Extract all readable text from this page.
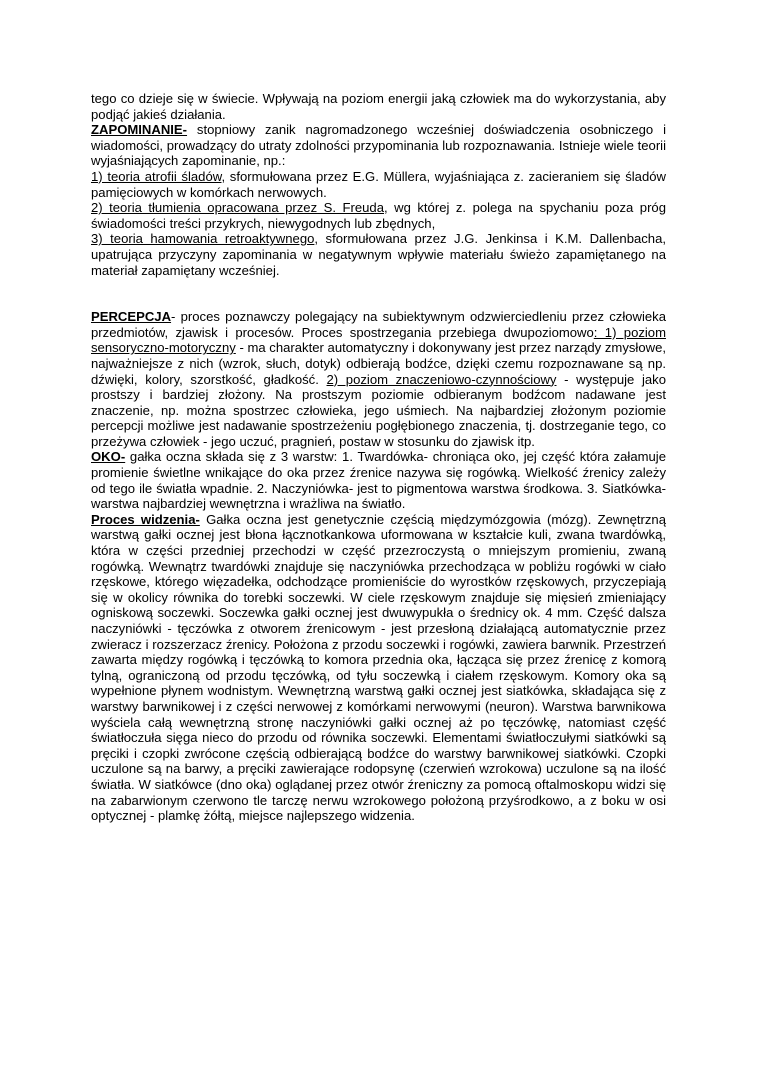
tego co dzieje się w świecie. Wpływają na poziom energii jaką człowiek ma do wykorzystania, aby podjąć jakieś działania.

ZAPOMINANIE- stopniowy zanik nagromadzonego wcześniej doświadczenia osobniczego i wiadomości, prowadzący do utraty zdolności przypominania lub rozpoznawania. Istnieje wiele teorii wyjaśniających zapominanie, np.:

1) teoria atrofii śladów, sformułowana przez E.G. Müllera, wyjaśniająca z. zacieraniem się śladów pamięciowych w komórkach nerwowych.

2) teoria tłumienia opracowana przez S. Freuda, wg której z. polega na spychaniu poza próg świadomości treści przykrych, niewygodnych lub zbędnych,

3) teoria hamowania retroaktywnego, sformułowana przez J.G. Jenkinsa i K.M. Dallenbacha, upatrująca przyczyny zapominania w negatywnym wpływie materiału świeżo zapamiętanego na materiał zapamiętany wcześniej.

PERCEPCJA- proces poznawczy polegający na subiektywnym odzwierciedleniu przez człowieka przedmiotów, zjawisk i procesów. Proces spostrzegania przebiega dwupoziomowo: 1) poziom sensoryczno-motoryczny - ma charakter automatyczny i dokonywany jest przez narządy zmysłowe, najważniejsze z nich (wzrok, słuch, dotyk) odbierają bodźce, dzięki czemu rozpoznawane są np. dźwięki, kolory, szorstkość, gładkość. 2) poziom znaczeniowo-czynnościowy - występuje jako prostszy i bardziej złożony. Na prostszym poziomie odbieranym bodźcom nadawane jest znaczenie, np. można spostrzec człowieka, jego uśmiech. Na najbardziej złożonym poziomie percepcji możliwe jest nadawanie spostrzeżeniu pogłębionego znaczenia, tj. dostrzeganie tego, co przeżywa człowiek - jego uczuć, pragnień, postaw w stosunku do zjawisk itp.

OKO- gałka oczna składa się z 3 warstw: 1. Twardówka- chroniąca oko, jej część która załamuje promienie świetlne wnikające do oka przez źrenice nazywa się rogówką. Wielkość źrenicy zależy od tego ile światła wpadnie. 2. Naczyniówka- jest to pigmentowa warstwa środkowa. 3. Siatkówka- warstwa najbardziej wewnętrzna i wrażliwa na światło.

Proces widzenia- Gałka oczna jest genetycznie częścią międzymózgowia (mózg). Zewnętrzną warstwą gałki ocznej jest błona łącznotkankowa uformowana w kształcie kuli, zwana twardówką, która w części przedniej przechodzi w część przezroczystą o mniejszym promieniu, zwaną rogówką. Wewnątrz twardówki znajduje się naczyniówka przechodząca w pobliżu rogówki w ciało rzęskowe, którego więzadełka, odchodzące promieniście do wyrostków rzęskowych, przyczepiają się w okolicy równika do torebki soczewki. W ciele rzęskowym znajduje się mięsień zmieniający ogniskową soczewki. Soczewka gałki ocznej jest dwuwypukła o średnicy ok. 4 mm. Część dalsza naczyniówki - tęczówka z otworem źrenicowym - jest przesłoną działającą automatycznie przez zwieracz i rozszerzacz źrenicy. Położona z przodu soczewki i rogówki, zawiera barwnik. Przestrzeń zawarta między rogówką i tęczówką to komora przednia oka, łącząca się przez źrenicę z komorą tylną, ograniczoną od przodu tęczówką, od tyłu soczewką i ciałem rzęskowym. Komory oka są wypełnione płynem wodnistym. Wewnętrzną warstwą gałki ocznej jest siatkówka, składająca się z warstwy barwnikowej i z części nerwowej z komórkami nerwowymi (neuron). Warstwa barwnikowa wyściela całą wewnętrzną stronę naczyniówki gałki ocznej aż po tęczówkę, natomiast część światłoczuła sięga nieco do przodu od równika soczewki. Elementami światłoczułymi siatkówki są pręciki i czopki zwrócone częścią odbierającą bodźce do warstwy barwnikowej siatkówki. Czopki uczulone są na barwy, a pręciki zawierające rodopsynę (czerwień wzrokowa) uczulone są na ilość światła. W siatkówce (dno oka) oglądanej przez otwór źreniczny za pomocą oftalmoskopu widzi się na zabarwionym czerwono tle tarczę nerwu wzrokowego położoną przyśrodkowo, a z boku w osi optycznej - plamkę żółtą, miejsce najlepszego widzenia.
